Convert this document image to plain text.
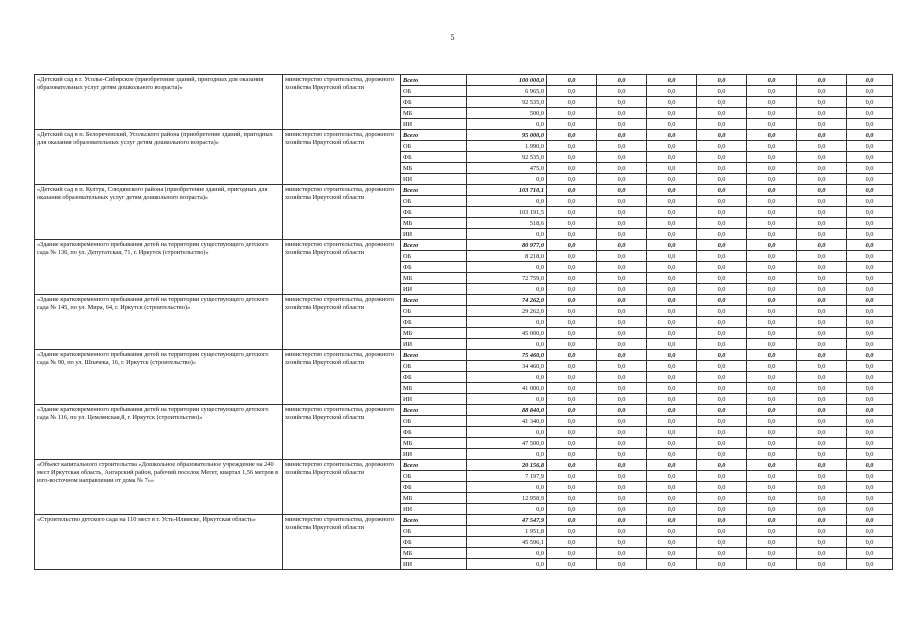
5
«Детский сад в г. Усолье-Сибирское (приобретение зданий, пригодных для оказания образовательных услуг детям дошкольного возраста)»	министерство строительства, дорожного хозяйства Иркутской области	Всего	100 000,0	0,0	0,0	0,0	0,0	0,0	0,0	0,0
		ОБ	6 965,0	0,0	0,0	0,0	0,0	0,0	0,0	0,0
		ФБ	92 535,0	0,0	0,0	0,0	0,0	0,0	0,0	0,0
		МБ	500,0	0,0	0,0	0,0	0,0	0,0	0,0	0,0
		ИИ	0,0	0,0	0,0	0,0	0,0	0,0	0,0	0,0
«Детский сад в п. Белореченский, Усольского района (приобретение зданий, пригодных для оказания образовательных услуг детям дошкольного возраста)»	министерство строительства, дорожного хозяйства Иркутской области	Всего	95 000,0	0,0	0,0	0,0	0,0	0,0	0,0	0,0
		ОБ	1 990,0	0,0	0,0	0,0	0,0	0,0	0,0	0,0
		ФБ	92 535,0	0,0	0,0	0,0	0,0	0,0	0,0	0,0
		МБ	475,0	0,0	0,0	0,0	0,0	0,0	0,0	0,0
		ИИ	0,0	0,0	0,0	0,0	0,0	0,0	0,0	0,0
«Детский сад в п. Култук, Слюдянского района (приобретение зданий, пригодных для оказания образовательных услуг детям дошкольного возраста)»	министерство строительства, дорожного хозяйства Иркутской области	Всего	103 710,1	0,0	0,0	0,0	0,0	0,0	0,0	0,0
		ОБ	0,0	0,0	0,0	0,0	0,0	0,0	0,0	0,0
		ФБ	103 191,5	0,0	0,0	0,0	0,0	0,0	0,0	0,0
		МБ	518,6	0,0	0,0	0,0	0,0	0,0	0,0	0,0
		ИИ	0,0	0,0	0,0	0,0	0,0	0,0	0,0	0,0
«Здание кратковременного пребывания детей на территории существующего детского сада № 136, по ул. Депутатская, 71, г. Иркутск (строительство)»	министерство строительства, дорожного хозяйства Иркутской области	Всего	80 977,0	0,0	0,0	0,0	0,0	0,0	0,0	0,0
		ОБ	8 218,0	0,0	0,0	0,0	0,0	0,0	0,0	0,0
		ФБ	0,0	0,0	0,0	0,0	0,0	0,0	0,0	0,0
		МБ	72 759,0	0,0	0,0	0,0	0,0	0,0	0,0	0,0
		ИИ	0,0	0,0	0,0	0,0	0,0	0,0	0,0	0,0
«Здание кратковременного пребывания детей на территории существующего детского сада № 145, по ул. Мира, 64, г. Иркутск (строительство)»	министерство строительства, дорожного хозяйства Иркутской области	Всего	74 262,0	0,0	0,0	0,0	0,0	0,0	0,0	0,0
		ОБ	29 262,0	0,0	0,0	0,0	0,0	0,0	0,0	0,0
		ФБ	0,0	0,0	0,0	0,0	0,0	0,0	0,0	0,0
		МБ	45 000,0	0,0	0,0	0,0	0,0	0,0	0,0	0,0
		ИИ	0,0	0,0	0,0	0,0	0,0	0,0	0,0	0,0
«Здание кратковременного пребывания детей на территории существующего детского сада № 90, по ул. Шпачека, 16, г. Иркутск (строительство)»	министерство строительства, дорожного хозяйства Иркутской области	Всего	75 460,0	0,0	0,0	0,0	0,0	0,0	0,0	0,0
		ОБ	34 460,0	0,0	0,0	0,0	0,0	0,0	0,0	0,0
		ФБ	0,0	0,0	0,0	0,0	0,0	0,0	0,0	0,0
		МБ	41 000,0	0,0	0,0	0,0	0,0	0,0	0,0	0,0
		ИИ	0,0	0,0	0,0	0,0	0,0	0,0	0,0	0,0
«Здание кратковременного пребывания детей на территории существующего детского сада № 116, по ул. Цемлянская,8, г. Иркутск (строительство)»	министерство строительства, дорожного хозяйства Иркутской области	Всего	88 840,0	0,0	0,0	0,0	0,0	0,0	0,0	0,0
		ОБ	41 340,0	0,0	0,0	0,0	0,0	0,0	0,0	0,0
		ФБ	0,0	0,0	0,0	0,0	0,0	0,0	0,0	0,0
		МБ	47 500,0	0,0	0,0	0,0	0,0	0,0	0,0	0,0
		ИИ	0,0	0,0	0,0	0,0	0,0	0,0	0,0	0,0
«Объект капитального строительства «Дошкольное образовательное учреждение на 240 мест Иркутская область, Ангарский район, рабочий поселок Мегет, квартал 1,56 метров в юго-восточном направлении от дома № 7»»	министерство строительства, дорожного хозяйства Иркутской области	Всего	20 156,8	0,0	0,0	0,0	0,0	0,0	0,0	0,0
		ОБ	7 197,9	0,0	0,0	0,0	0,0	0,0	0,0	0,0
		ФБ	0,0	0,0	0,0	0,0	0,0	0,0	0,0	0,0
		МБ	12 958,9	0,0	0,0	0,0	0,0	0,0	0,0	0,0
		ИИ	0,0	0,0	0,0	0,0	0,0	0,0	0,0	0,0
«Строительство детского сада на 110 мест в г. Усть-Илимске, Иркутская область»	министерство строительства, дорожного хозяйства Иркутской области	Всего	47 547,9	0,0	0,0	0,0	0,0	0,0	0,0	0,0
		ОБ	1 951,8	0,0	0,0	0,0	0,0	0,0	0,0	0,0
		ФБ	45 596,1	0,0	0,0	0,0	0,0	0,0	0,0	0,0
		МБ	0,0	0,0	0,0	0,0	0,0	0,0	0,0	0,0
		ИИ	0,0	0,0	0,0	0,0	0,0	0,0	0,0	0,0
